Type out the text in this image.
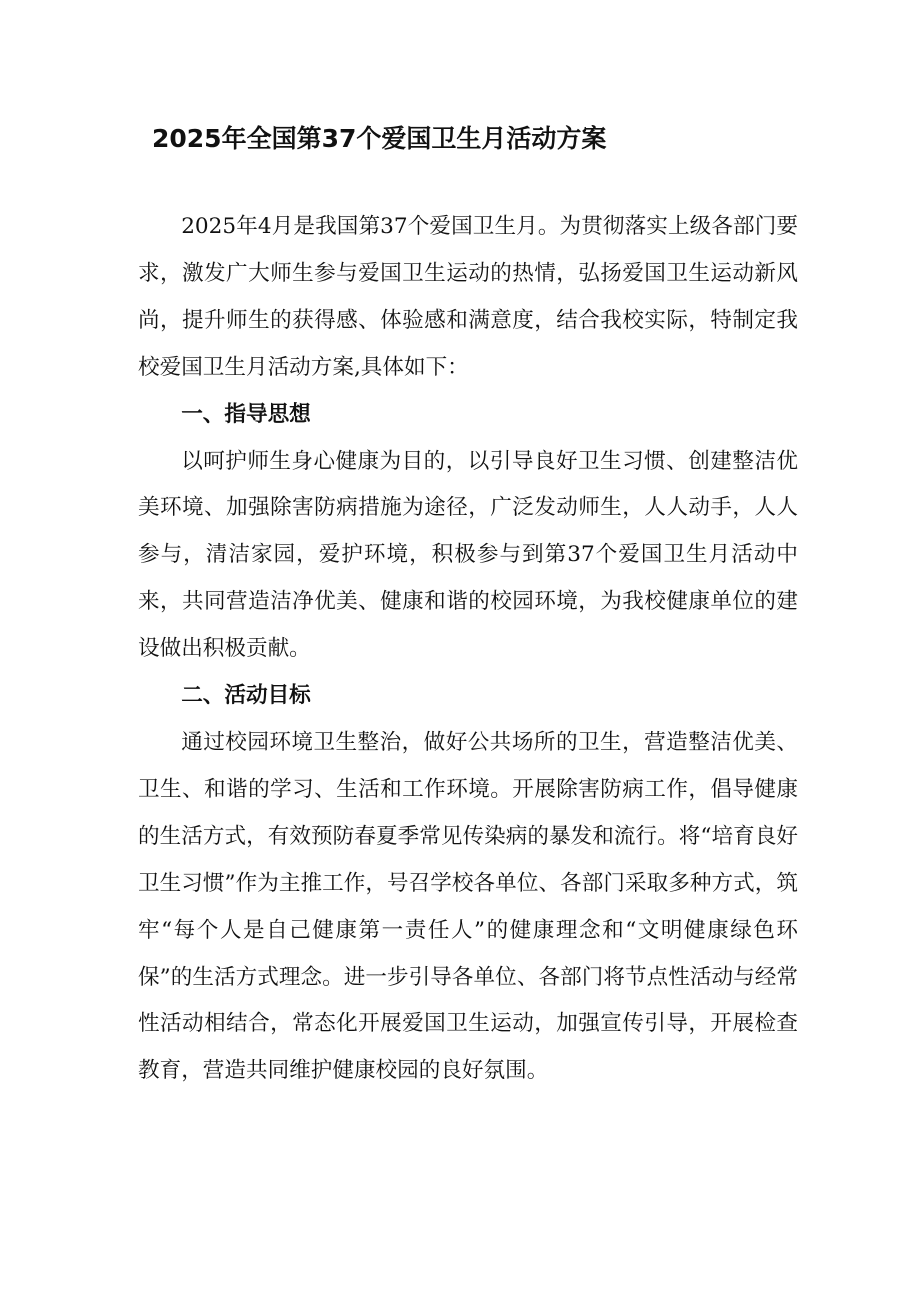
2025年全国第37个爱国卫生月活动方案

2025年4月是我国第37个爱国卫生月。为贯彻落实上级各部门要求，激发广大师生参与爱国卫生运动的热情，弘扬爱国卫生运动新风尚，提升师生的获得感、体验感和满意度，结合我校实际，特制定我校爱国卫生月活动方案,具体如下：

一、指导思想

以呵护师生身心健康为目的，以引导良好卫生习惯、创建整洁优美环境、加强除害防病措施为途径，广泛发动师生，人人动手，人人参与，清洁家园，爱护环境，积极参与到第37个爱国卫生月活动中来，共同营造洁净优美、健康和谐的校园环境，为我校健康单位的建设做出积极贡献。

二、活动目标

通过校园环境卫生整治，做好公共场所的卫生，营造整洁优美、卫生、和谐的学习、生活和工作环境。开展除害防病工作，倡导健康的生活方式，有效预防春夏季常见传染病的暴发和流行。将“培育良好卫生习惯”作为主推工作，号召学校各单位、各部门采取多种方式，筑牢“每个人是自己健康第一责任人”的健康理念和“文明健康绿色环保”的生活方式理念。进一步引导各单位、各部门将节点性活动与经常性活动相结合，常态化开展爱国卫生运动，加强宣传引导，开展检查教育，营造共同维护健康校园的良好氛围。
